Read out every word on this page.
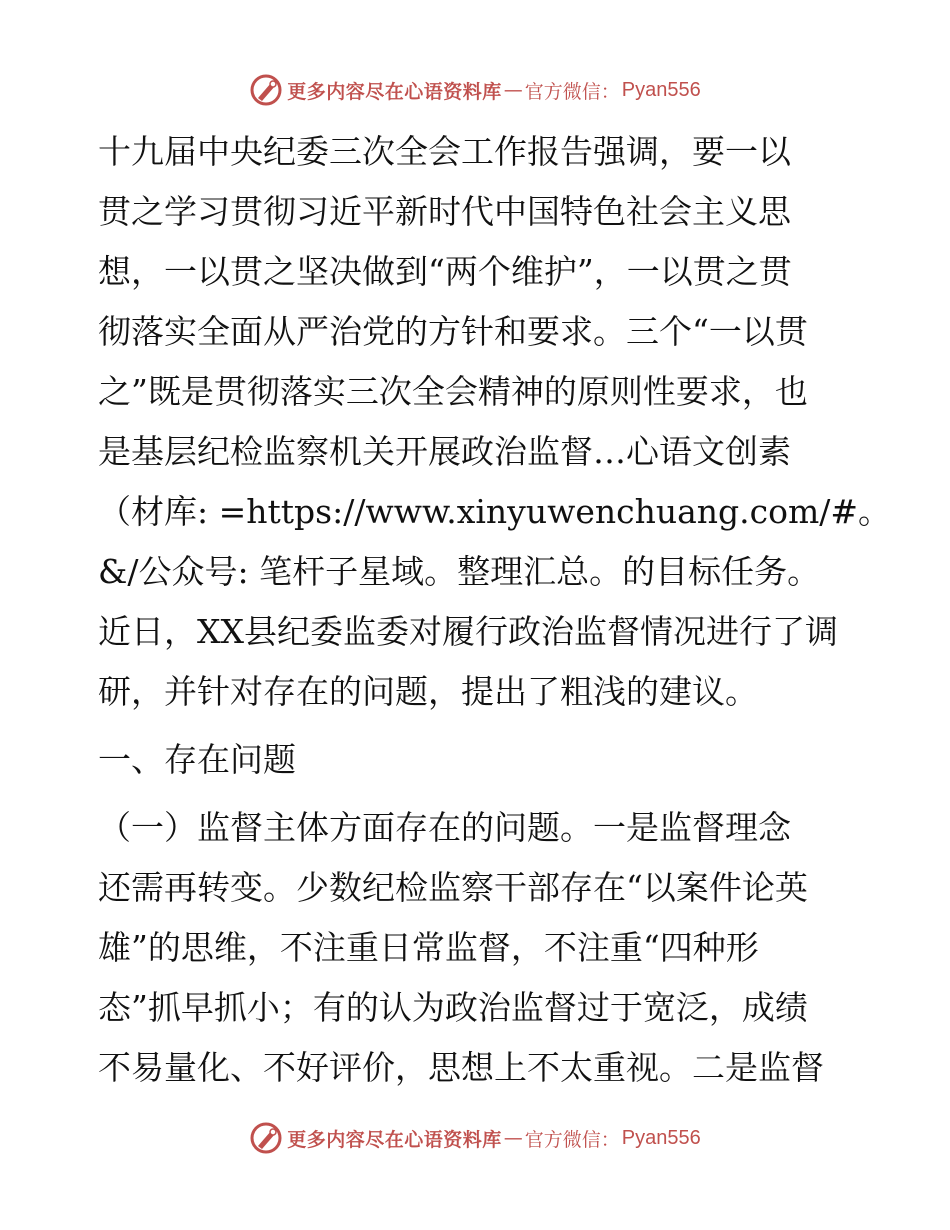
更多内容尽在心语资料库 — 官方微信： Pyan556

十九届中央纪委三次全会工作报告强调，要一以
贯之学习贯彻习近平新时代中国特色社会主义思
想，一以贯之坚决做到“两个维护”，一以贯之贯
彻落实全面从严治党的方针和要求。三个“一以贯
之”既是贯彻落实三次全会精神的原则性要求，也
是基层纪检监察机关开展政治监督…心语文创素
（材库: =https://www.xinyuwenchuang.com/#。
&/公众号: 笔杆子星域。整理汇总。的目标任务。
近日，XX县纪委监委对履行政治监督情况进行了调
研，并针对存在的问题，提出了粗浅的建议。

一、存在问题

（一）监督主体方面存在的问题。一是监督理念
还需再转变。少数纪检监察干部存在“以案件论英
雄”的思维，不注重日常监督，不注重“四种形
态”抓早抓小；有的认为政治监督过于宽泛，成绩
不易量化、不好评价，思想上不太重视。二是监督

更多内容尽在心语资料库 — 官方微信： Pyan556
